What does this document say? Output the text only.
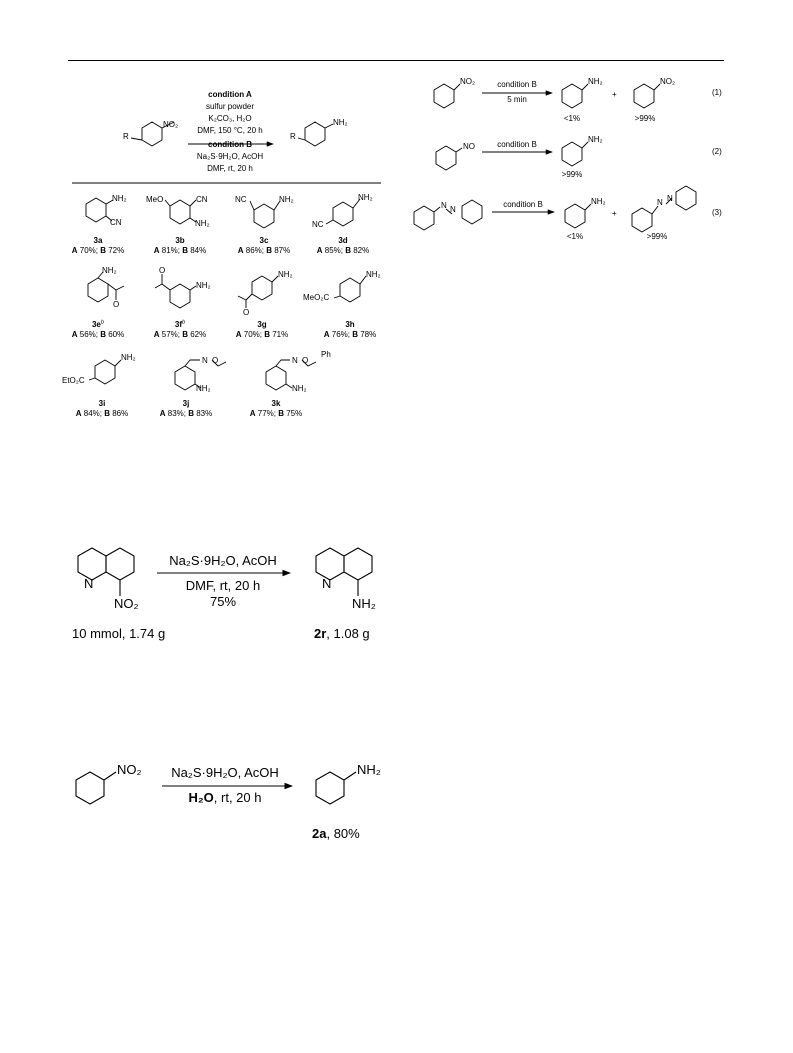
condition A
sulfur powder
K₂CO₃, H₂O
DMF, 150 °C, 20 h
condition B
Na₂S·9H₂O, AcOH
DMF, rt, 20 h
R
NO₂
R
NH₂
NH₂
CN
MeO	CN
NH₂
NC	NH₂	NH₂
NC
NH₂
O
O
NH₂
NH₂
O
NH₂
MeO₂C
NH₂
EtO₂C
N O
NH₂
N O
Ph
NH₂
3a
A 70%; B 72%
3b
A 81%; B 84%
3c
A 86%; B 87%
3d
A 85%; B 82%
$3e^b$
A 56%; B 60%
$3f^b$
A 57%; B 62%
3g
A 70%; B 71%
3h
A 76%; B 78%
3i
A 84%; B 86%
3j
A 83%; B 83%
3k
A 77%; B 75%
NO₂	condition B
5 min
NH₂
+
NO₂
<1%	>99%
(1)
NO	condition B
NH₂
>99%
(2)
N N
condition B	NH₂
+
N N
<1%	>99%
(3)
N
NO₂
Na₂S·9H₂O, AcOH
DMF, rt, 20 h
75%
N
NH₂
10 mmol, 1.74 g	2r, 1.08 g
NO₂	Na₂S·9H₂O, AcOH
H₂O, rt, 20 h
NH₂
2a, 80%
